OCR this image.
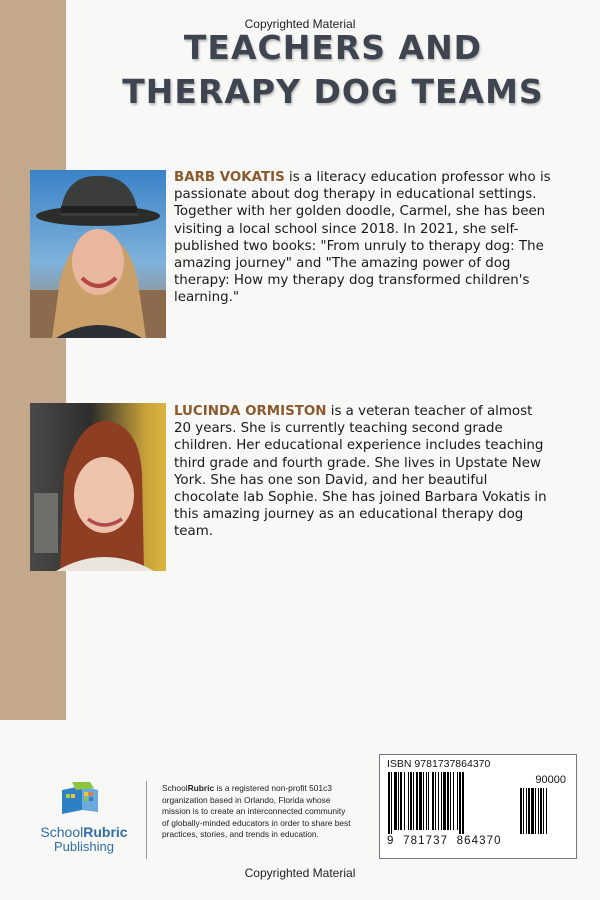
Copyrighted Material
TEACHERS AND
THERAPY DOG TEAMS

BARB VOKATIS is a literacy education professor who is passionate about dog therapy in educational settings. Together with her golden doodle, Carmel, she has been visiting a local school since 2018. In 2021, she self-published two books: "From unruly to therapy dog: The amazing journey" and "The amazing power of dog therapy: How my therapy dog transformed children's learning."

LUCINDA ORMISTON is a veteran teacher of almost 20 years. She is currently teaching second grade children. Her educational experience includes teaching third grade and fourth grade. She lives in Upstate New York. She has one son David, and her beautiful chocolate lab Sophie. She has joined Barbara Vokatis in this amazing journey as an educational therapy dog team.

SchoolRubric
Publishing

SchoolRubric is a registered non-profit 501c3 organization based in Orlando, Florida whose mission is to create an interconnected community of globally-minded educators in order to share best practices, stories, and trends in education.

ISBN 9781737864370
90000
9 781737 864370
Copyrighted Material
